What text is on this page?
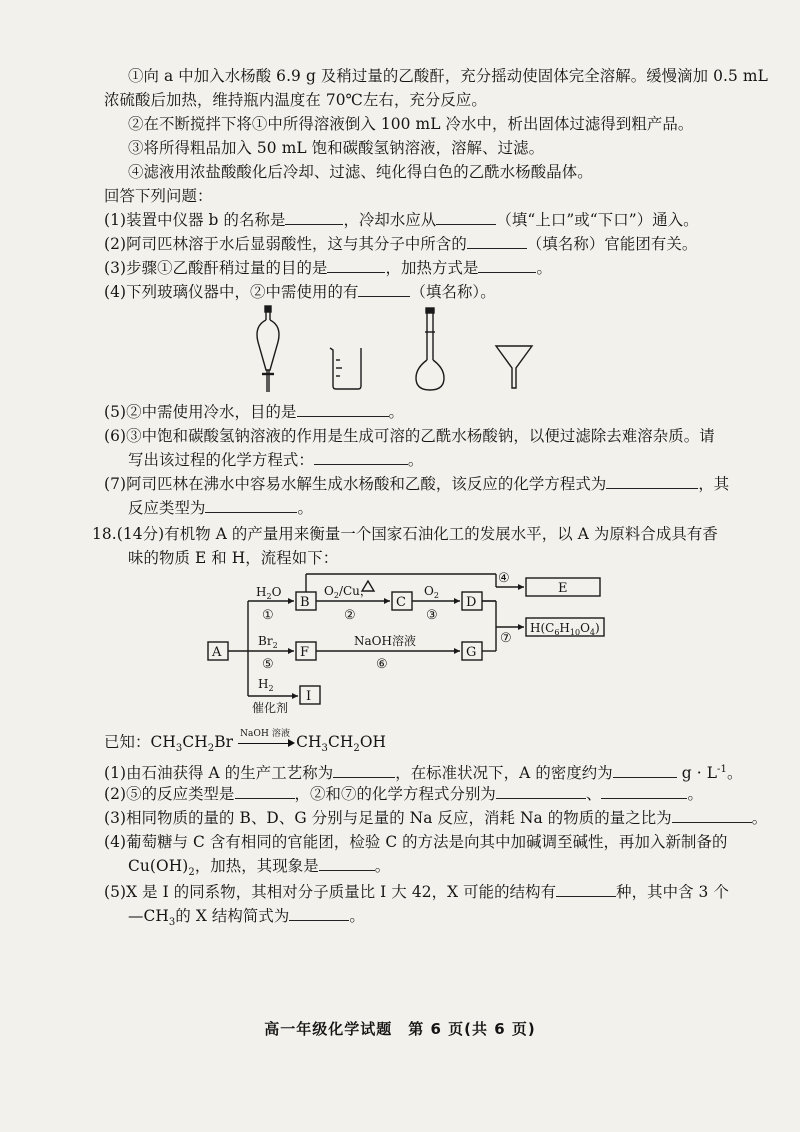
①向 a 中加入水杨酸 6.9 g 及稍过量的乙酸酐，充分摇动使固体完全溶解。缓慢滴加 0.5 mL
浓硫酸后加热，维持瓶内温度在 70℃左右，充分反应。
②在不断搅拌下将①中所得溶液倒入 100 mL 冷水中，析出固体过滤得到粗产品。
③将所得粗品加入 50 mL 饱和碳酸氢钠溶液，溶解、过滤。
④滤液用浓盐酸酸化后冷却、过滤、纯化得白色的乙酰水杨酸晶体。
回答下列问题：
(1)装置中仪器 b 的名称是	，冷却水应从	（填“上口”或“下口”）通入。
(2)阿司匹林溶于水后显弱酸性，这与其分子中所含的	（填名称）官能团有关。
(3)步骤①乙酸酐稍过量的目的是	，加热方式是	。
(4)下列玻璃仪器中，②中需使用的有	（填名称）。
(5)②中需使用冷水，目的是	。
(6)③中饱和碳酸氢钠溶液的作用是生成可溶的乙酰水杨酸钠，以便过滤除去难溶杂质。请
写出该过程的化学方程式：	。
(7)阿司匹林在沸水中容易水解生成水杨酸和乙酸，该反应的化学方程式为	，其
反应类型为	。
18.(14分)有机物 A 的产量用来衡量一个国家石油化工的发展水平，以 A 为原料合成具有香
味的物质 E 和 H，流程如下：
A
B	C	D
E
F	G
I
$H(C_6H_{10}O_4)$
$H_2O$
①
$O_2/Cu$，
②
$O_2$
③
④
$Br_2$
⑤
NaOH溶液
⑥
⑦
$H_2$
催化剂
已知：$CH_3CH_2Br$ NaOH 溶液 $CH_3CH_2OH$
(1)由石油获得 A 的生产工艺称为	，在标准状况下，A 的密度约为	$g \cdot L^{-1}$。
(2)⑤的反应类型是	，②和⑦的化学方程式分别为	、	。
(3)相同物质的量的 B、D、G 分别与足量的 Na 反应，消耗 Na 的物质的量之比为	。
(4)葡萄糖与 C 含有相同的官能团，检验 C 的方法是向其中加碱调至碱性，再加入新制备的
$Cu(OH)_2$，加热，其现象是	。
(5)X 是 I 的同系物，其相对分子质量比 I 大 42，X 可能的结构有	种，其中含 3 个
$—CH_3$的 X 结构简式为	。
高一年级化学试题　第 6 页(共 6 页)
